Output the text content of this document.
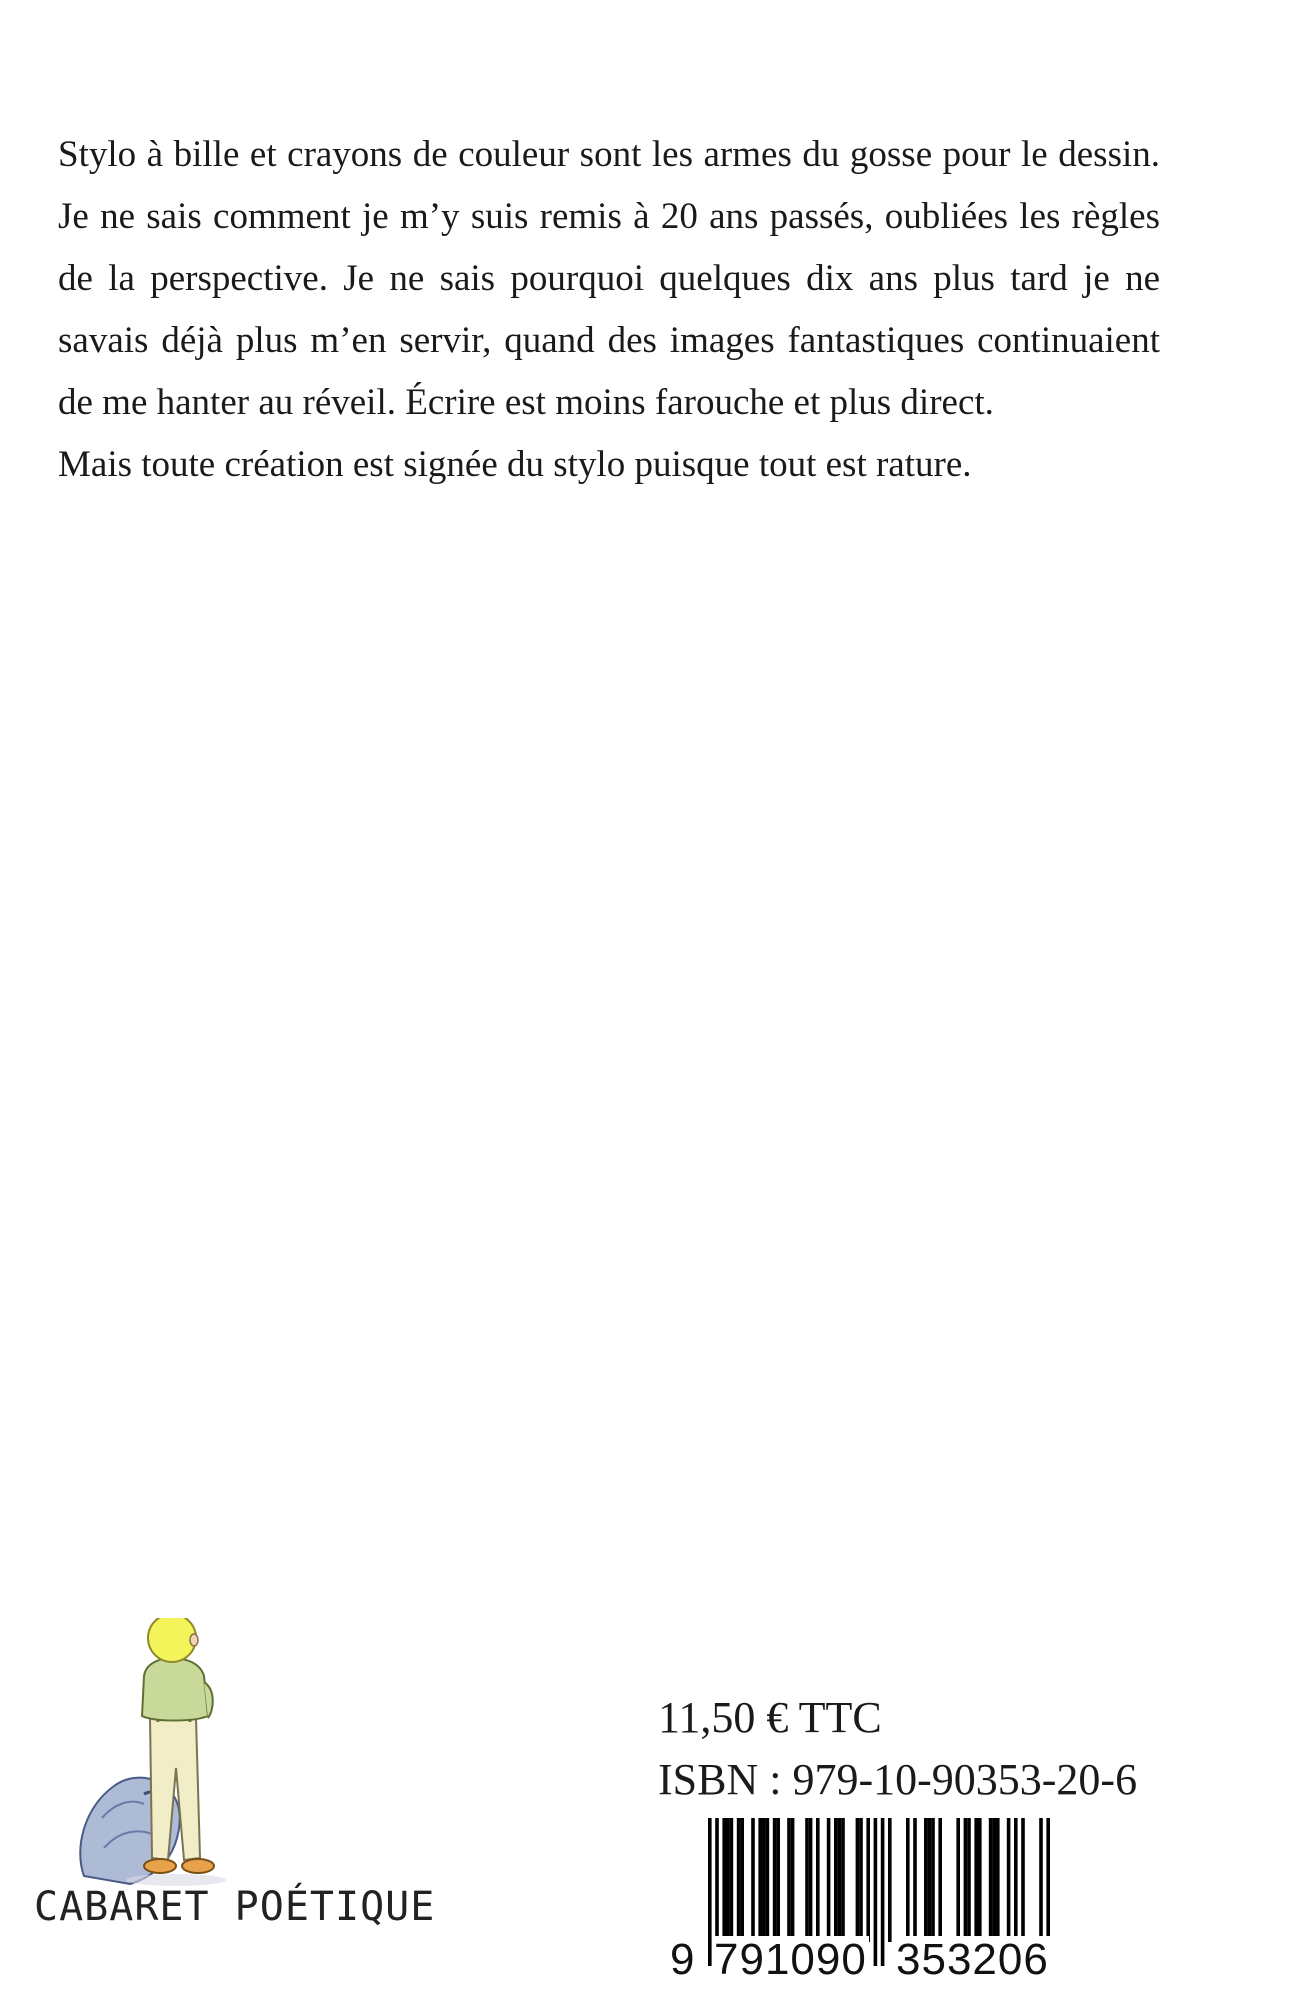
Stylo à bille et crayons de couleur sont les armes du gosse pour le dessin. Je ne sais comment je m’y suis remis à 20 ans passés, oubliées les règles de la perspective. Je ne sais pourquoi quelques dix ans plus tard je ne savais déjà plus m’en servir, quand des images fantastiques continuaient de me hanter au réveil. Écrire est moins farouche et plus direct.

Mais toute création est signée du stylo puisque tout est rature.

CABARET POÉTIQUE
11,50 € TTC
ISBN : 979-10-90353-20-6
9 791090 353206
